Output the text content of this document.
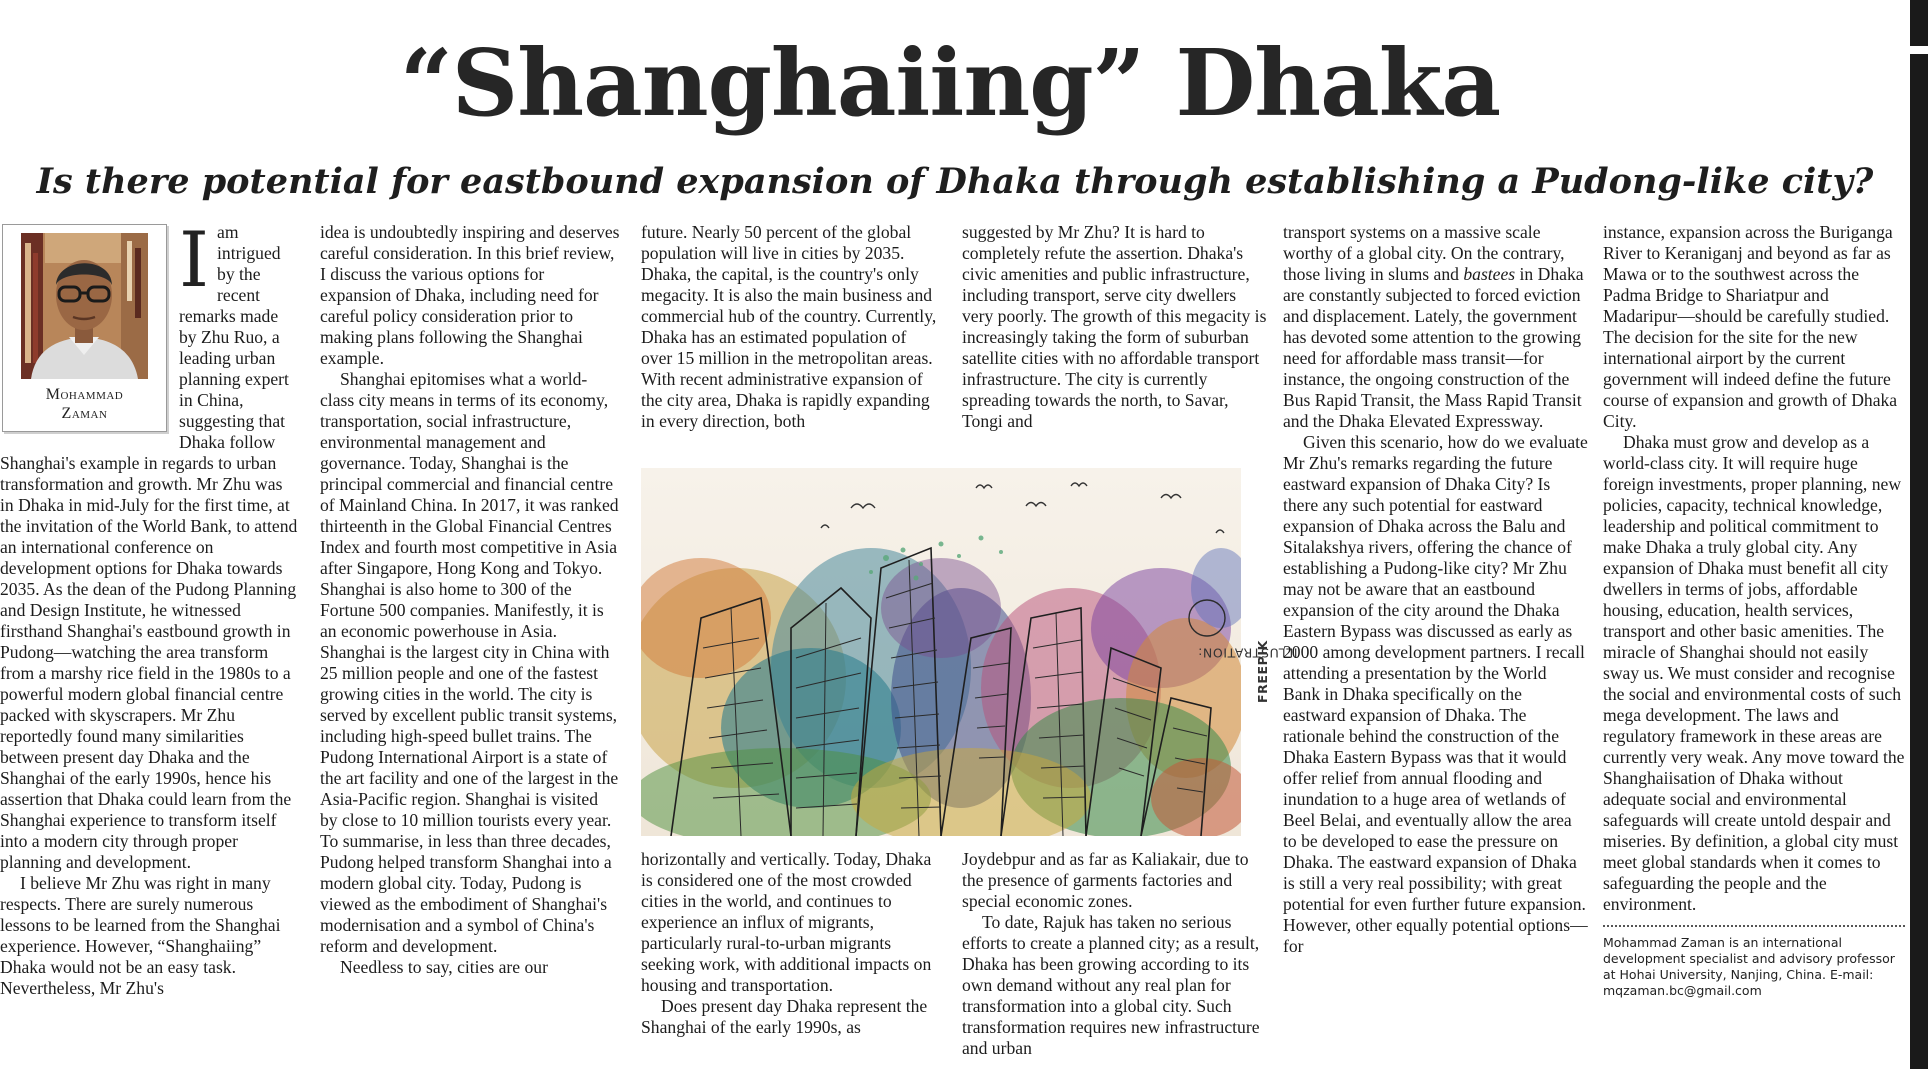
“Shanghaiing” Dhaka
Is there potential for eastbound expansion of Dhaka through establishing a Pudong-like city?
Mohammad
Zaman
I am intrigued by the recent remarks made by Zhu Ruo, a leading urban planning expert in China, suggesting that Dhaka follow Shanghai's example in regards to urban transformation and growth. Mr Zhu was in Dhaka in mid-July for the first time, at the invitation of the World Bank, to attend an international conference on development options for Dhaka towards 2035. As the dean of the Pudong Planning and Design Institute, he witnessed firsthand Shanghai's eastbound growth in Pudong—watching the area transform from a marshy rice field in the 1980s to a powerful modern global financial centre packed with skyscrapers. Mr Zhu reportedly found many similarities between present day Dhaka and the Shanghai of the early 1990s, hence his assertion that Dhaka could learn from the Shanghai experience to transform itself into a modern city through proper planning and development.

I believe Mr Zhu was right in many respects. There are surely numerous lessons to be learned from the Shanghai experience. However, “Shanghaiing” Dhaka would not be an easy task. Nevertheless, Mr Zhu's

idea is undoubtedly inspiring and deserves careful consideration. In this brief review, I discuss the various options for expansion of Dhaka, including need for careful policy consideration prior to making plans following the Shanghai example.

Shanghai epitomises what a world-class city means in terms of its economy, transportation, social infrastructure, environmental management and governance. Today, Shanghai is the principal commercial and financial centre of Mainland China. In 2017, it was ranked thirteenth in the Global Financial Centres Index and fourth most competitive in Asia after Singapore, Hong Kong and Tokyo. Shanghai is also home to 300 of the Fortune 500 companies. Manifestly, it is an economic powerhouse in Asia. Shanghai is the largest city in China with 25 million people and one of the fastest growing cities in the world. The city is served by excellent public transit systems, including high-speed bullet trains. The Pudong International Airport is a state of the art facility and one of the largest in the Asia-Pacific region. Shanghai is visited by close to 10 million tourists every year. To summarise, in less than three decades, Pudong helped transform Shanghai into a modern global city. Today, Pudong is viewed as the embodiment of Shanghai's modernisation and a symbol of China's reform and development.

Needless to say, cities are our

future. Nearly 50 percent of the global population will live in cities by 2035. Dhaka, the capital, is the country's only megacity. It is also the main business and commercial hub of the country. Currently, Dhaka has an estimated population of over 15 million in the metropolitan areas. With recent administrative expansion of the city area, Dhaka is rapidly expanding in every direction, both

horizontally and vertically. Today, Dhaka is considered one of the most crowded cities in the world, and continues to experience an influx of migrants, particularly rural-to-urban migrants seeking work, with additional impacts on housing and transportation.

Does present day Dhaka represent the Shanghai of the early 1990s, as

suggested by Mr Zhu? It is hard to completely refute the assertion. Dhaka's civic amenities and public infrastructure, including transport, serve city dwellers very poorly. The growth of this megacity is increasingly taking the form of suburban satellite cities with no affordable transport infrastructure. The city is currently spreading towards the north, to Savar, Tongi and

Joydebpur and as far as Kaliakair, due to the presence of garments factories and special economic zones.

To date, Rajuk has taken no serious efforts to create a planned city; as a result, Dhaka has been growing according to its own demand without any real plan for transformation into a global city. Such transformation requires new infrastructure and urban

ILLUSTRATION:
FREEPIK

transport systems on a massive scale worthy of a global city. On the contrary, those living in slums and bastees in Dhaka are constantly subjected to forced eviction and displacement. Lately, the government has devoted some attention to the growing need for affordable mass transit—for instance, the ongoing construction of the Bus Rapid Transit, the Mass Rapid Transit and the Dhaka Elevated Expressway.

Given this scenario, how do we evaluate Mr Zhu's remarks regarding the future eastward expansion of Dhaka City? Is there any such potential for eastward expansion of Dhaka across the Balu and Sitalakshya rivers, offering the chance of establishing a Pudong-like city? Mr Zhu may not be aware that an eastbound expansion of the city around the Dhaka Eastern Bypass was discussed as early as 2000 among development partners. I recall attending a presentation by the World Bank in Dhaka specifically on the eastward expansion of Dhaka. The rationale behind the construction of the Dhaka Eastern Bypass was that it would offer relief from annual flooding and inundation to a huge area of wetlands of Beel Belai, and eventually allow the area to be developed to ease the pressure on Dhaka. The eastward expansion of Dhaka is still a very real possibility; with great potential for even further future expansion. However, other equally potential options—for

instance, expansion across the Buriganga River to Keraniganj and beyond as far as Mawa or to the southwest across the Padma Bridge to Shariatpur and Madaripur—should be carefully studied. The decision for the site for the new international airport by the current government will indeed define the future course of expansion and growth of Dhaka City.

Dhaka must grow and develop as a world-class city. It will require huge foreign investments, proper planning, new policies, capacity, technical knowledge, leadership and political commitment to make Dhaka a truly global city. Any expansion of Dhaka must benefit all city dwellers in terms of jobs, affordable housing, education, health services, transport and other basic amenities. The miracle of Shanghai should not easily sway us. We must consider and recognise the social and environmental costs of such mega development. The laws and regulatory framework in these areas are currently very weak. Any move toward the Shanghaiisation of Dhaka without adequate social and environmental safeguards will create untold despair and miseries. By definition, a global city must meet global standards when it comes to safeguarding the people and the environment.

Mohammad Zaman is an international development specialist and advisory professor at Hohai University, Nanjing, China. E-mail: mqzaman.bc@gmail.com
